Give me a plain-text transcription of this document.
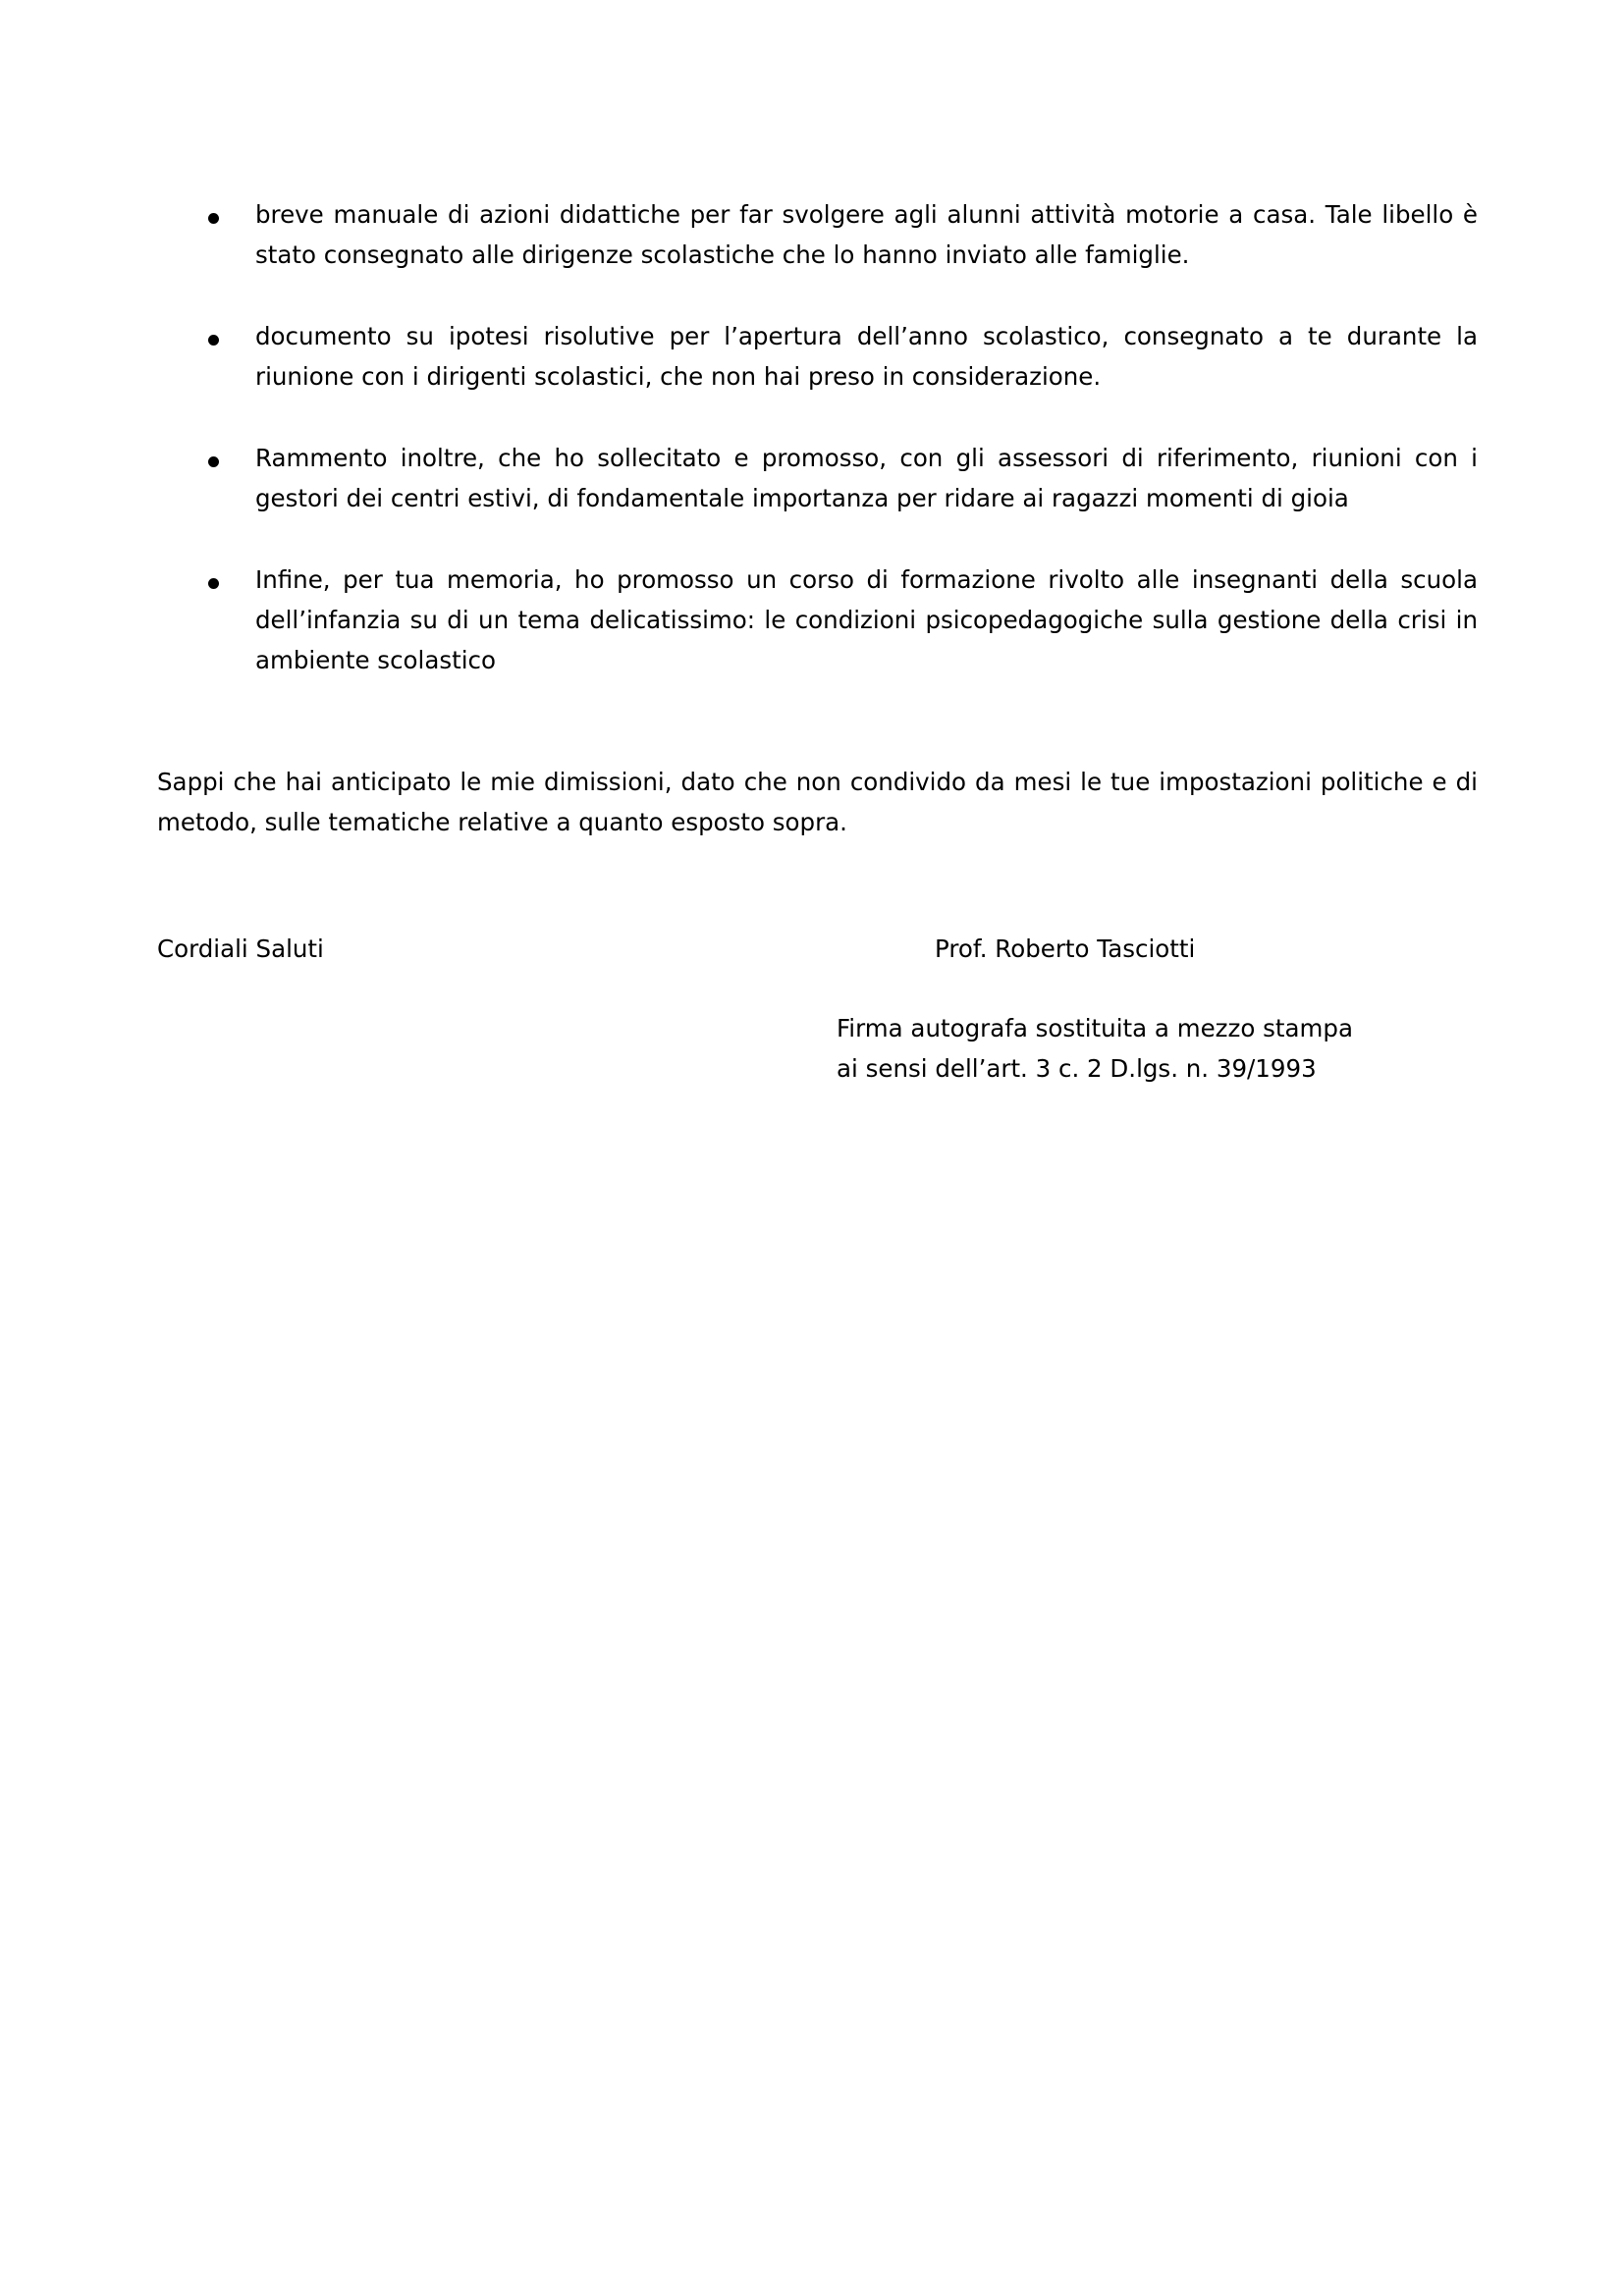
breve manuale di azioni didattiche per far svolgere agli alunni attività motorie a casa. Tale libello è stato consegnato alle dirigenze scolastiche che lo hanno inviato alle famiglie.
documento su ipotesi risolutive per l’apertura dell’anno scolastico, consegnato a te durante la riunione con i dirigenti scolastici, che non hai preso in considerazione.
Rammento inoltre, che ho sollecitato e promosso, con gli assessori di riferimento, riunioni con i gestori dei centri estivi, di fondamentale importanza per ridare ai ragazzi momenti di gioia
Infine, per tua memoria, ho promosso un corso di formazione rivolto alle insegnanti della scuola dell’infanzia su di un tema delicatissimo: le condizioni psicopedagogiche sulla gestione della crisi in ambiente scolastico

Sappi che hai anticipato le mie dimissioni, dato che non condivido da mesi le tue impostazioni politiche e di metodo, sulle tematiche relative a quanto esposto sopra.

Cordiali Saluti	Prof. Roberto Tasciotti

Firma autografa sostituita a mezzo stampa
ai sensi dell’art. 3 c. 2 D.lgs. n. 39/1993
